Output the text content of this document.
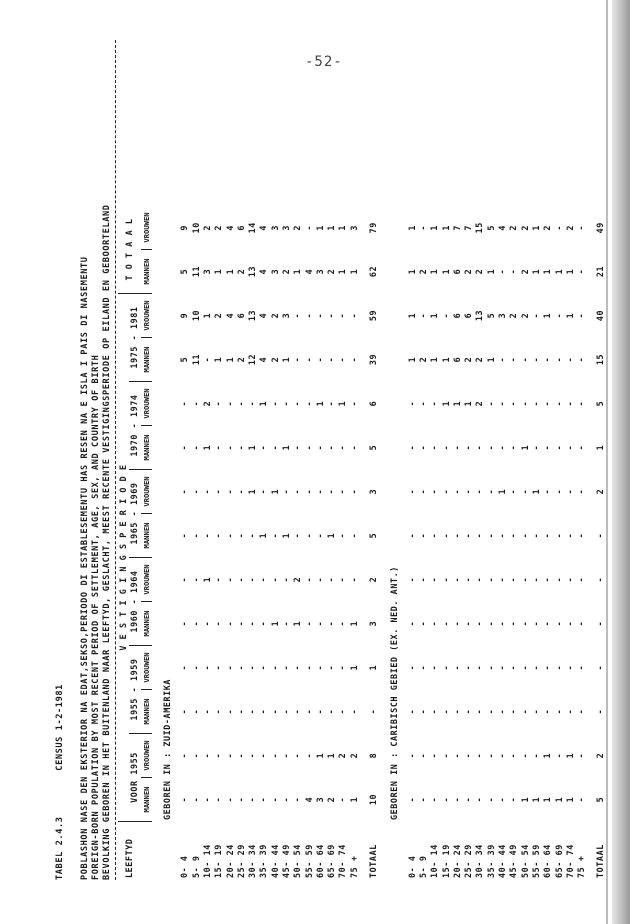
-52-
TABEL 2.4.3 CENSUS 1-2-1981 POBLASHON NASE DEN EKSTERIOR NA EDAT,SEKSO,PERIODO DI ESTABLESEMENTU HAS RESEN NA E ISLA I PAIS DI NASEMENTU FOREIGN-BORN POPULATION BY MOST RECENT PERIOD OF SETTLEMENT, AGE, SEX, AND COUNTRY OF BIRTH BEVOLKING GEBOREN IN HET BUITENLAND NAAR LEEFTYD, GESLACHT, MEEST RECENTE VESTIGINGSPERIODE OP EILAND EN GEBOORTELAND LEEFTYD	V E S T I G I N G S P E R I O D E												T O T A A L	
	VOOR 1955		1955 - 1959		1960 - 1964		1965 - 1969		1970 - 1974		1975 - 1981			
	MANNEN	VROUWEN	MANNEN	VROUWEN	MANNEN	VROUWEN	MANNEN	VROUWEN	MANNEN	VROUWEN	MANNEN	VROUWEN	MANNEN	VROUWEN
GEBOREN IN : ZUID-AMERIKA														
0- 4	-	-	-	-	-	-	-	-	-	-	5	9	5	9
5- 9	-	-	-	-	-	-	-	-	-	-	11	10	11	10
10- 14	-	-	-	-	-	1	-	-	1	2	-	1	3	2
15- 19	-	-	-	-	-	-	-	-	-	-	1	2	1	2
20- 24	-	-	-	-	-	-	-	-	-	-	1	4	1	4
25- 29	-	-	-	-	-	-	-	-	-	-	2	6	2	6
30- 34	-	-	-	-	-	-	-	1	1	-	12	13	13	14
35- 39	-	-	-	-	-	-	1	-	-	1	4	4	4	4
40- 44	-	-	-	-	1	-	-	1	-	-	2	2	3	3
45- 49	-	-	-	-	-	-	1	-	1	-	1	3	2	3
50- 54	-	-	-	-	1	2	-	-	-	-	-	-	1	2
55- 59	4	-	-	-	-	-	-	-	-	-	-	-	4	-
60- 64	3	1	-	-	-	-	-	-	-	1	-	-	3	1
65- 69	2	1	-	-	-	-	1	-	-	-	-	-	2	1
70- 74	-	2	-	-	-	-	-	-	-	1	-	-	1	1
75 +	1	2	-	1	1	-	-	-	-	-	-	-	1	3
TOTAAL	10	8	-	1	3	2	5	3	5	6	39	59	62	79
GEBOREN IN : CARIBISCH GEBIED (EX. NED. ANT.)														
0- 4	-	-	-	-	-	-	-	-	-	-	1	1	1	1
5- 9	-	-	-	-	-	-	-	-	-	-	2	-	2	-
10- 14	-	-	-	-	-	-	-	-	-	-	1	1	1	1
15- 19	-	-	-	-	-	-	-	-	-	1	1	-	1	1
20- 24	-	-	-	-	-	-	-	-	-	1	6	6	6	7
25- 29	-	-	-	-	-	-	-	-	-	1	2	6	2	7
30- 34	-	-	-	-	-	-	-	-	-	2	2	13	2	15
35- 39	-	-	-	-	-	-	-	-	-	-	1	5	1	5
40- 44	-	-	-	-	-	-	-	1	-	-	-	3	-	4
45- 49	-	-	-	-	-	-	-	-	-	-	-	2	-	2
50- 54	1	-	-	-	-	-	-	-	1	-	-	2	2	2
55- 59	1	-	-	-	-	-	-	1	-	-	-	-	1	1
60- 64	1	1	-	-	-	-	-	-	-	-	-	1	1	2
65- 69	1	-	-	-	-	-	-	-	-	-	-	-	1	-
70- 74	1	1	-	-	-	-	-	-	-	-	-	1	1	2
75 +	-	-	-	-	-	-	-	-	-	-	-	-	-	-
TOTAAL	5	2	-	-	-	-	-	2	1	5	15	40	21	49
